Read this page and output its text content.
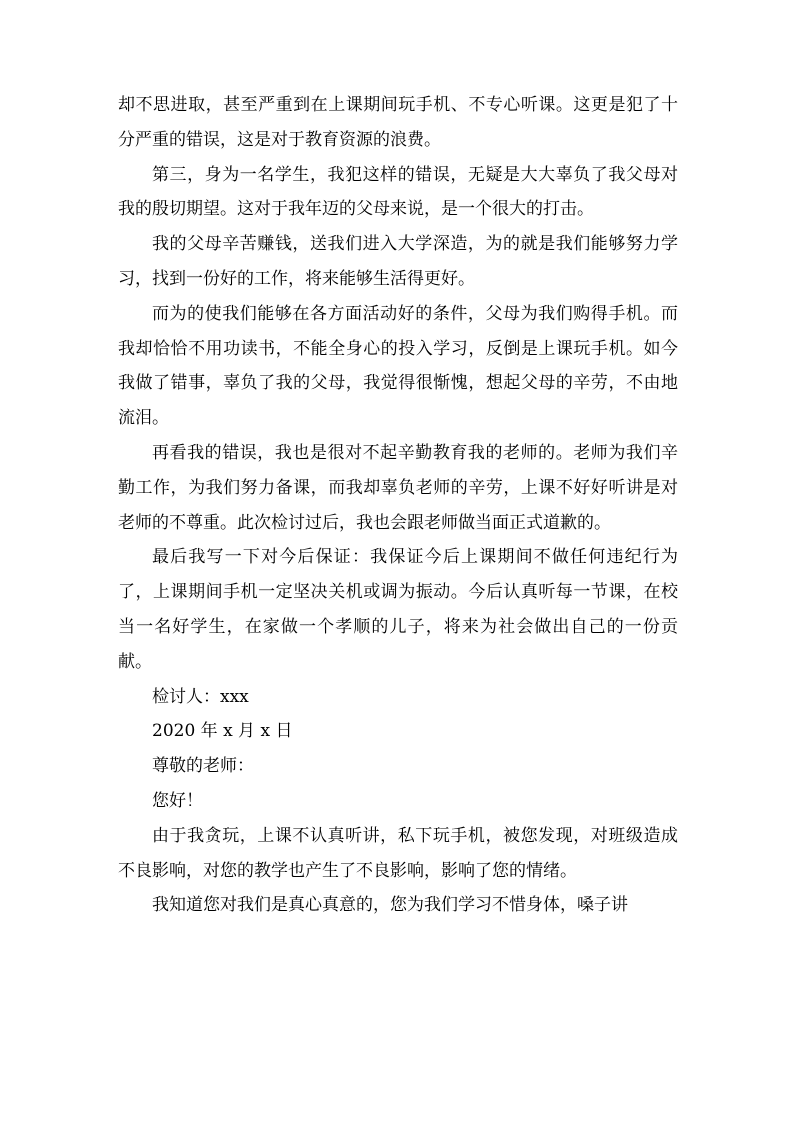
却不思进取，甚至严重到在上课期间玩手机、不专心听课。这更是犯了十分严重的错误，这是对于教育资源的浪费。

第三，身为一名学生，我犯这样的错误，无疑是大大辜负了我父母对我的殷切期望。这对于我年迈的父母来说，是一个很大的打击。

我的父母辛苦赚钱，送我们进入大学深造，为的就是我们能够努力学习，找到一份好的工作，将来能够生活得更好。

而为的使我们能够在各方面活动好的条件，父母为我们购得手机。而我却恰恰不用功读书，不能全身心的投入学习，反倒是上课玩手机。如今我做了错事，辜负了我的父母，我觉得很惭愧，想起父母的辛劳，不由地流泪。

再看我的错误，我也是很对不起辛勤教育我的老师的。老师为我们辛勤工作，为我们努力备课，而我却辜负老师的辛劳，上课不好好听讲是对老师的不尊重。此次检讨过后，我也会跟老师做当面正式道歉的。

最后我写一下对今后保证：我保证今后上课期间不做任何违纪行为了，上课期间手机一定坚决关机或调为振动。今后认真听每一节课，在校当一名好学生，在家做一个孝顺的儿子，将来为社会做出自己的一份贡献。

检讨人：xxx

2020 年 x 月 x 日

尊敬的老师：

您好！

由于我贪玩，上课不认真听讲，私下玩手机，被您发现，对班级造成不良影响，对您的教学也产生了不良影响，影响了您的情绪。

我知道您对我们是真心真意的，您为我们学习不惜身体，嗓子讲
